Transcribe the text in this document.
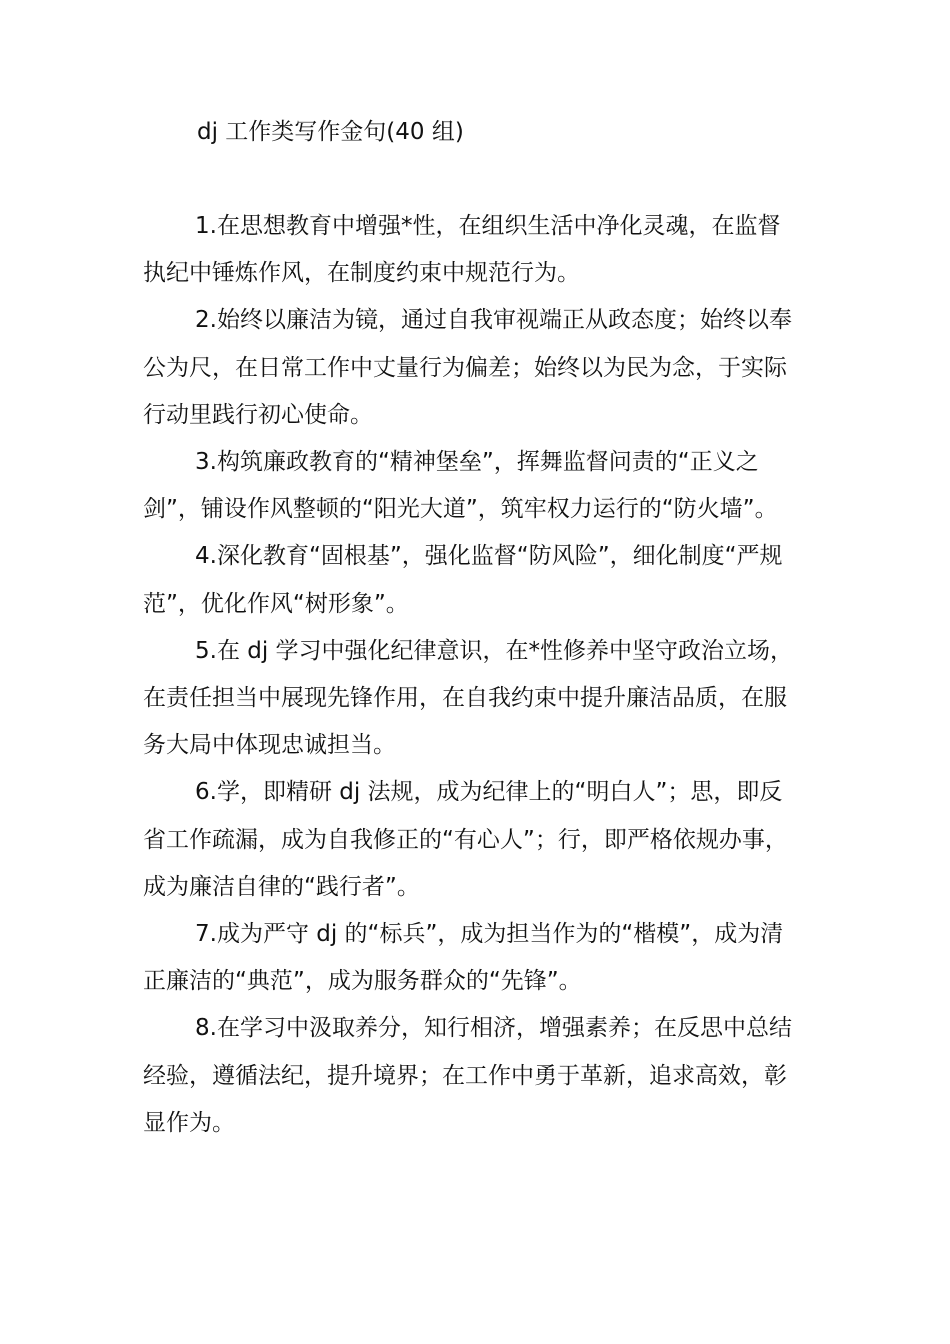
dj 工作类写作金句(40 组)

1.在思想教育中增强*性，在组织生活中净化灵魂，在监督执纪中锤炼作风，在制度约束中规范行为。

2.始终以廉洁为镜，通过自我审视端正从政态度；始终以奉公为尺，在日常工作中丈量行为偏差；始终以为民为念，于实际行动里践行初心使命。

3.构筑廉政教育的“精神堡垒”，挥舞监督问责的“正义之剑”，铺设作风整顿的“阳光大道”，筑牢权力运行的“防火墙”。

4.深化教育“固根基”，强化监督“防风险”，细化制度“严规范”，优化作风“树形象”。

5.在 dj 学习中强化纪律意识，在*性修养中坚守政治立场，在责任担当中展现先锋作用，在自我约束中提升廉洁品质，在服务大局中体现忠诚担当。

6.学，即精研 dj 法规，成为纪律上的“明白人”；思，即反省工作疏漏，成为自我修正的“有心人”；行，即严格依规办事，成为廉洁自律的“践行者”。

7.成为严守 dj 的“标兵”，成为担当作为的“楷模”，成为清正廉洁的“典范”，成为服务群众的“先锋”。

8.在学习中汲取养分，知行相济，增强素养；在反思中总结经验，遵循法纪，提升境界；在工作中勇于革新，追求高效，彰显作为。
